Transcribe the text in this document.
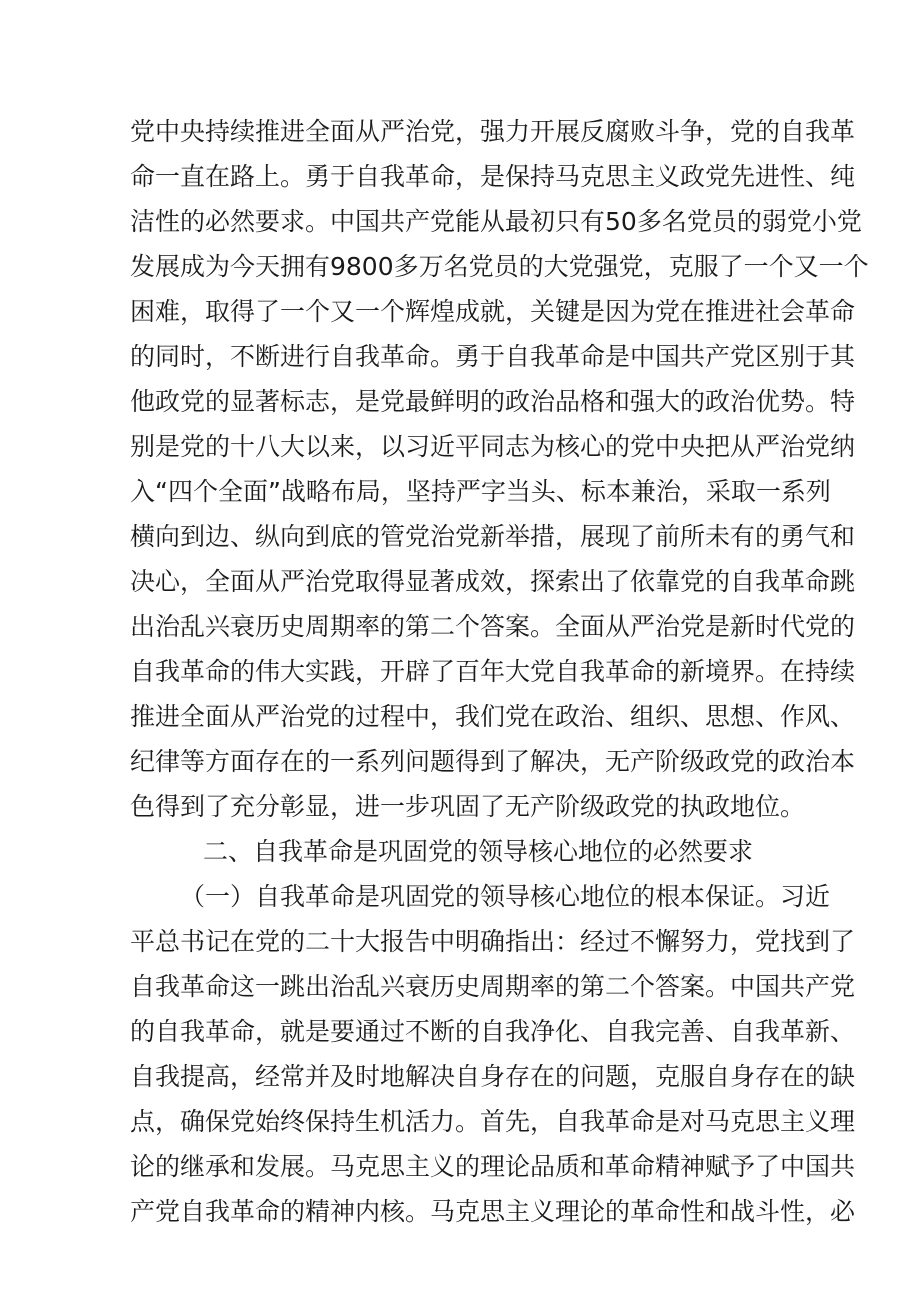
党中央持续推进全面从严治党，强力开展反腐败斗争，党的自我革
命一直在路上。勇于自我革命，是保持马克思主义政党先进性、纯
洁性的必然要求。中国共产党能从最初只有50多名党员的弱党小党
发展成为今天拥有9800多万名党员的大党强党，克服了一个又一个
困难，取得了一个又一个辉煌成就，关键是因为党在推进社会革命
的同时，不断进行自我革命。勇于自我革命是中国共产党区别于其
他政党的显著标志，是党最鲜明的政治品格和强大的政治优势。特
别是党的十八大以来，以习近平同志为核心的党中央把从严治党纳
入“四个全面”战略布局，坚持严字当头、标本兼治，采取一系列
横向到边、纵向到底的管党治党新举措，展现了前所未有的勇气和
决心，全面从严治党取得显著成效，探索出了依靠党的自我革命跳
出治乱兴衰历史周期率的第二个答案。全面从严治党是新时代党的
自我革命的伟大实践，开辟了百年大党自我革命的新境界。在持续
推进全面从严治党的过程中，我们党在政治、组织、思想、作风、
纪律等方面存在的一系列问题得到了解决，无产阶级政党的政治本
色得到了充分彰显，进一步巩固了无产阶级政党的执政地位。
二、自我革命是巩固党的领导核心地位的必然要求
（一）自我革命是巩固党的领导核心地位的根本保证。习近
平总书记在党的二十大报告中明确指出：经过不懈努力，党找到了
自我革命这一跳出治乱兴衰历史周期率的第二个答案。中国共产党
的自我革命，就是要通过不断的自我净化、自我完善、自我革新、
自我提高，经常并及时地解决自身存在的问题，克服自身存在的缺
点，确保党始终保持生机活力。首先，自我革命是对马克思主义理
论的继承和发展。马克思主义的理论品质和革命精神赋予了中国共
产党自我革命的精神内核。马克思主义理论的革命性和战斗性，必
